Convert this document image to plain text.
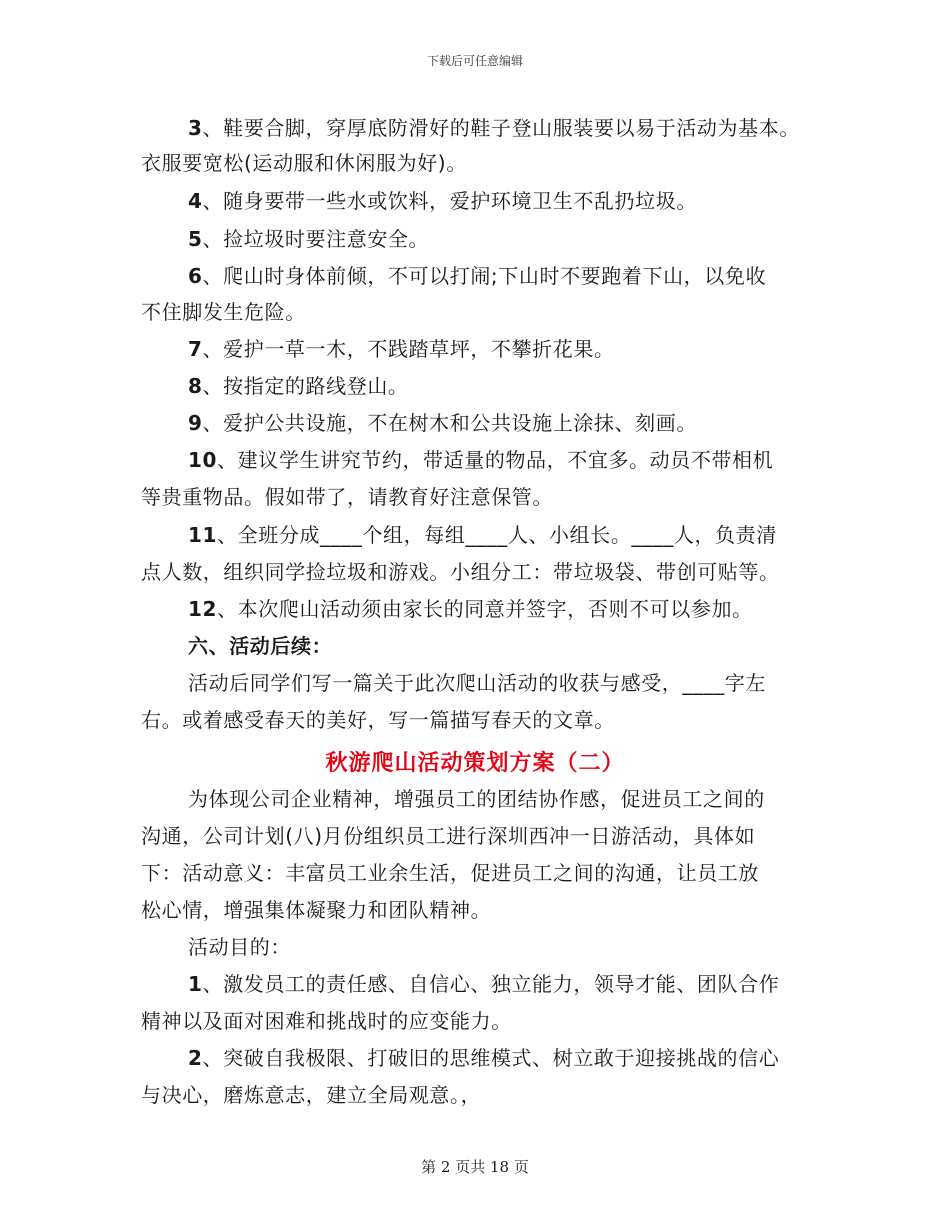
下载后可任意编辑
3、鞋要合脚，穿厚底防滑好的鞋子登山服装要以易于活动为基本。
衣服要宽松(运动服和休闲服为好)。
4、随身要带一些水或饮料，爱护环境卫生不乱扔垃圾。
5、捡垃圾时要注意安全。
6、爬山时身体前倾，不可以打闹;下山时不要跑着下山，以免收
不住脚发生危险。
7、爱护一草一木，不践踏草坪，不攀折花果。
8、按指定的路线登山。
9、爱护公共设施，不在树木和公共设施上涂抹、刻画。
10、建议学生讲究节约，带适量的物品，不宜多。动员不带相机
等贵重物品。假如带了，请教育好注意保管。
11、全班分成____个组，每组____人、小组长。____人，负责清
点人数，组织同学捡垃圾和游戏。小组分工：带垃圾袋、带创可贴等。
12、本次爬山活动须由家长的同意并签字，否则不可以参加。
六、活动后续：
活动后同学们写一篇关于此次爬山活动的收获与感受，____字左
右。或着感受春天的美好，写一篇描写春天的文章。
秋游爬山活动策划方案（二）
为体现公司企业精神，增强员工的团结协作感，促进员工之间的
沟通，公司计划(八)月份组织员工进行深圳西冲一日游活动，具体如
下：活动意义：丰富员工业余生活，促进员工之间的沟通，让员工放
松心情，增强集体凝聚力和团队精神。
活动目的：
1、激发员工的责任感、自信心、独立能力，领导才能、团队合作
精神以及面对困难和挑战时的应变能力。
2、突破自我极限、打破旧的思维模式、树立敢于迎接挑战的信心
与决心，磨炼意志，建立全局观意。，
第 2 页共 18 页
